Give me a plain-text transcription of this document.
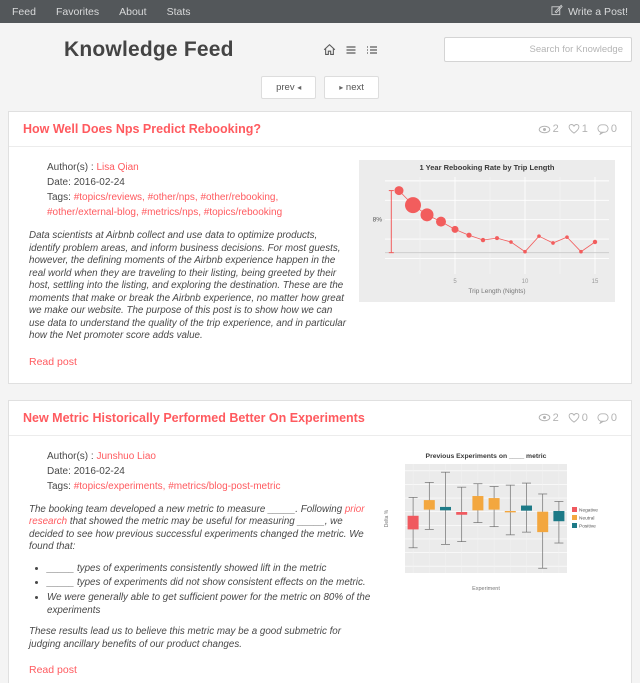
Feed Favorites About Stats	Write a Post!
Knowledge Feed
Search for Knowledge
prev ◂	▸ next
How Well Does Nps Predict Rebooking?	2 1 0
Author(s) : Lisa Qian
Date: 2016-02-24
Tags: #topics/reviews, #other/nps, #other/rebooking, #other/external-blog, #metrics/nps, #topics/rebooking
Data scientists at Airbnb collect and use data to optimize products, identify problem areas, and inform business decisions. For most guests, however, the defining moments of the Airbnb experience happen in the real world when they are traveling to their listing, being greeted by their host, settling into the listing, and exploring the destination. These are the moments that make or break the Airbnb experience, no matter how great we make our website. The purpose of this post is to show how we can use data to understand the quality of the trip experience, and in particular how the Net promoter score adds value.
Read post
8%
5	10	15
Trip Length (Nights)
1 Year Rebooking Rate by Trip Length
New Metric Historically Performed Better On Experiments	2 0 0
Author(s) : Junshuo Liao
Date: 2016-02-24
Tags: #topics/experiments, #metrics/blog-post-metric
The booking team developed a new metric to measure _____. Following prior research that showed the metric may be useful for measuring _____, we decided to see how previous successful experiments changed the metric. We found that:
• _____ types of experiments consistently showed lift in the metric
• _____ types of experiments did not show consistent effects on the metric.
• We were generally able to get sufficient power for the metric on 80% of the experiments
These results lead us to believe this metric may be a good submetric for judging ancillary benefits of our product changes.
Read post
Negative
Neutral
Positive
Previous Experiments on ____ metric
Delta %
Experiment
